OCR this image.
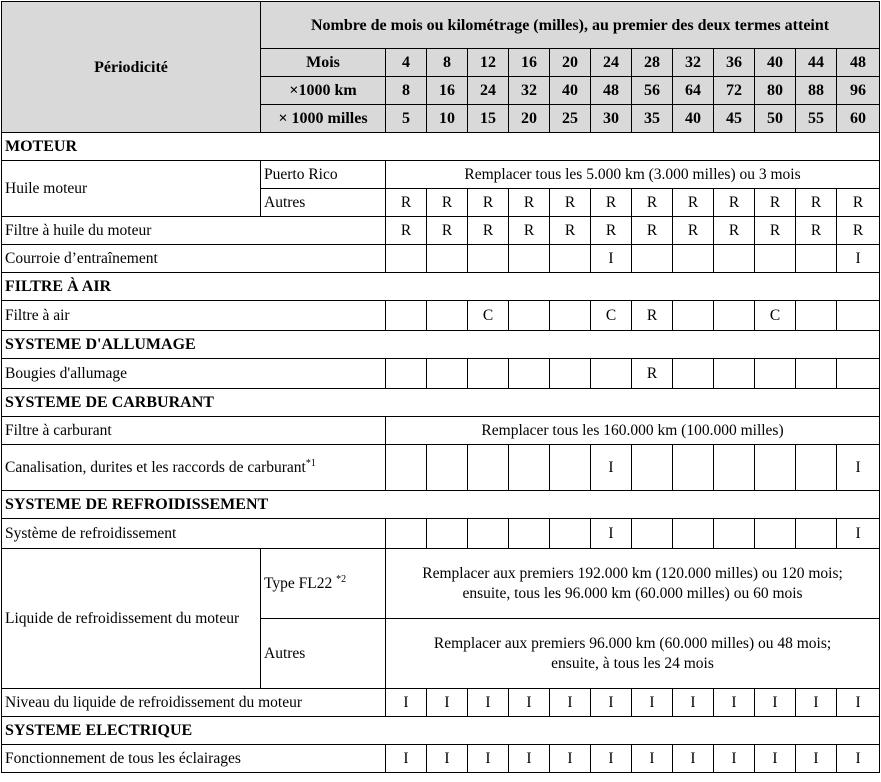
Périodicité	Nombre de mois ou kilométrage (milles), au premier des deux termes atteint												
	Mois	4	8	12	16	20	24	28	32	36	40	44	48
	×1000 km	8	16	24	32	40	48	56	64	72	80	88	96
	× 1000 milles	5	10	15	20	25	30	35	40	45	50	55	60
MOTEUR													
Huile moteur	Puerto Rico	Remplacer tous les 5.000 km (3.000 milles) ou 3 mois											
	Autres	R	R	R	R	R	R	R	R	R	R	R	R
Filtre à huile du moteur		R	R	R	R	R	R	R	R	R	R	R	R
Courroie d’entraînement							I						I
FILTRE À AIR													
Filtre à air				C			C	R			C		
SYSTEME D'ALLUMAGE													
Bougies d'allumage								R					
SYSTEME DE CARBURANT													
Filtre à carburant		Remplacer tous les 160.000 km (100.000 milles)											
Canalisation, durites et les raccords de carburant$^{*1}$							I						I
SYSTEME DE REFROIDISSEMENT													
Système de refroidissement							I						I
Liquide de refroidissement du moteur	Type FL22 $^{*2}$	Remplacer aux premiers 192.000 km (120.000 milles) ou 120 mois;
ensuite, tous les 96.000 km (60.000 milles) ou 60 mois											

	Autres	Remplacer aux premiers 96.000 km (60.000 milles) ou 48 mois;
ensuite, à tous les 24 mois											

Niveau du liquide de refroidissement du moteur		I	I	I	I	I	I	I	I	I	I	I	I
SYSTEME ELECTRIQUE													
Fonctionnement de tous les éclairages		I	I	I	I	I	I	I	I	I	I	I	I
